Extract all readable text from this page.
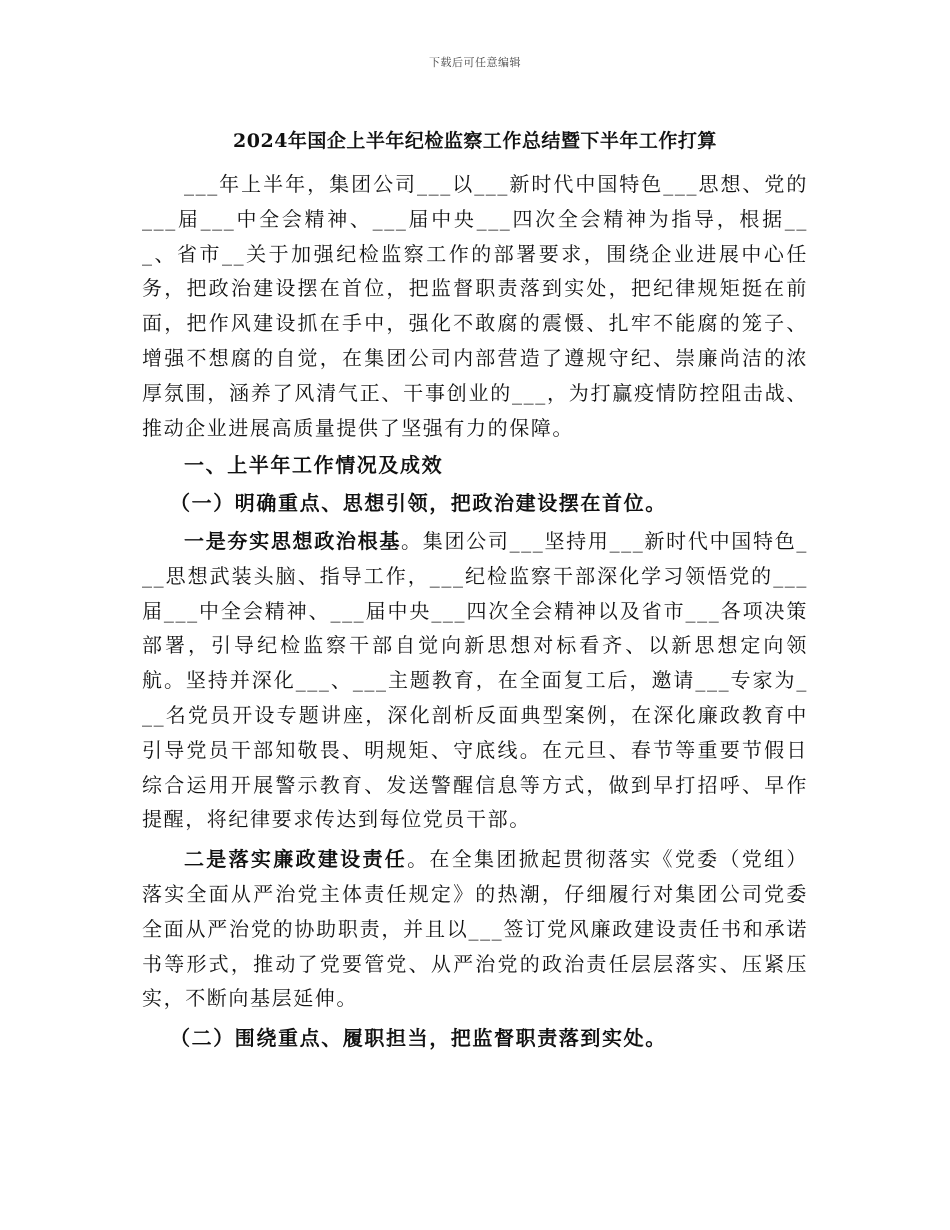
下载后可任意编辑
2024年国企上半年纪检监察工作总结暨下半年工作打算

___年上半年，集团公司___以___新时代中国特色___思想、党的___届___中全会精神、___届中央___四次全会精神为指导，根据___、省市__关于加强纪检监察工作的部署要求，围绕企业进展中心任务，把政治建设摆在首位，把监督职责落到实处，把纪律规矩挺在前面，把作风建设抓在手中，强化不敢腐的震慑、扎牢不能腐的笼子、增强不想腐的自觉，在集团公司内部营造了遵规守纪、崇廉尚洁的浓厚氛围，涵养了风清气正、干事创业的___，为打赢疫情防控阻击战、推动企业进展高质量提供了坚强有力的保障。

一、上半年工作情况及成效

（一）明确重点、思想引领，把政治建设摆在首位。

一是夯实思想政治根基。集团公司___坚持用___新时代中国特色___思想武装头脑、指导工作，___纪检监察干部深化学习领悟党的___届___中全会精神、___届中央___四次全会精神以及省市___各项决策部署，引导纪检监察干部自觉向新思想对标看齐、以新思想定向领航。坚持并深化___、___主题教育，在全面复工后，邀请___专家为___名党员开设专题讲座，深化剖析反面典型案例，在深化廉政教育中引导党员干部知敬畏、明规矩、守底线。在元旦、春节等重要节假日综合运用开展警示教育、发送警醒信息等方式，做到早打招呼、早作提醒，将纪律要求传达到每位党员干部。

二是落实廉政建设责任。在全集团掀起贯彻落实《党委（党组）落实全面从严治党主体责任规定》的热潮，仔细履行对集团公司党委全面从严治党的协助职责，并且以___签订党风廉政建设责任书和承诺书等形式，推动了党要管党、从严治党的政治责任层层落实、压紧压实，不断向基层延伸。

（二）围绕重点、履职担当，把监督职责落到实处。
